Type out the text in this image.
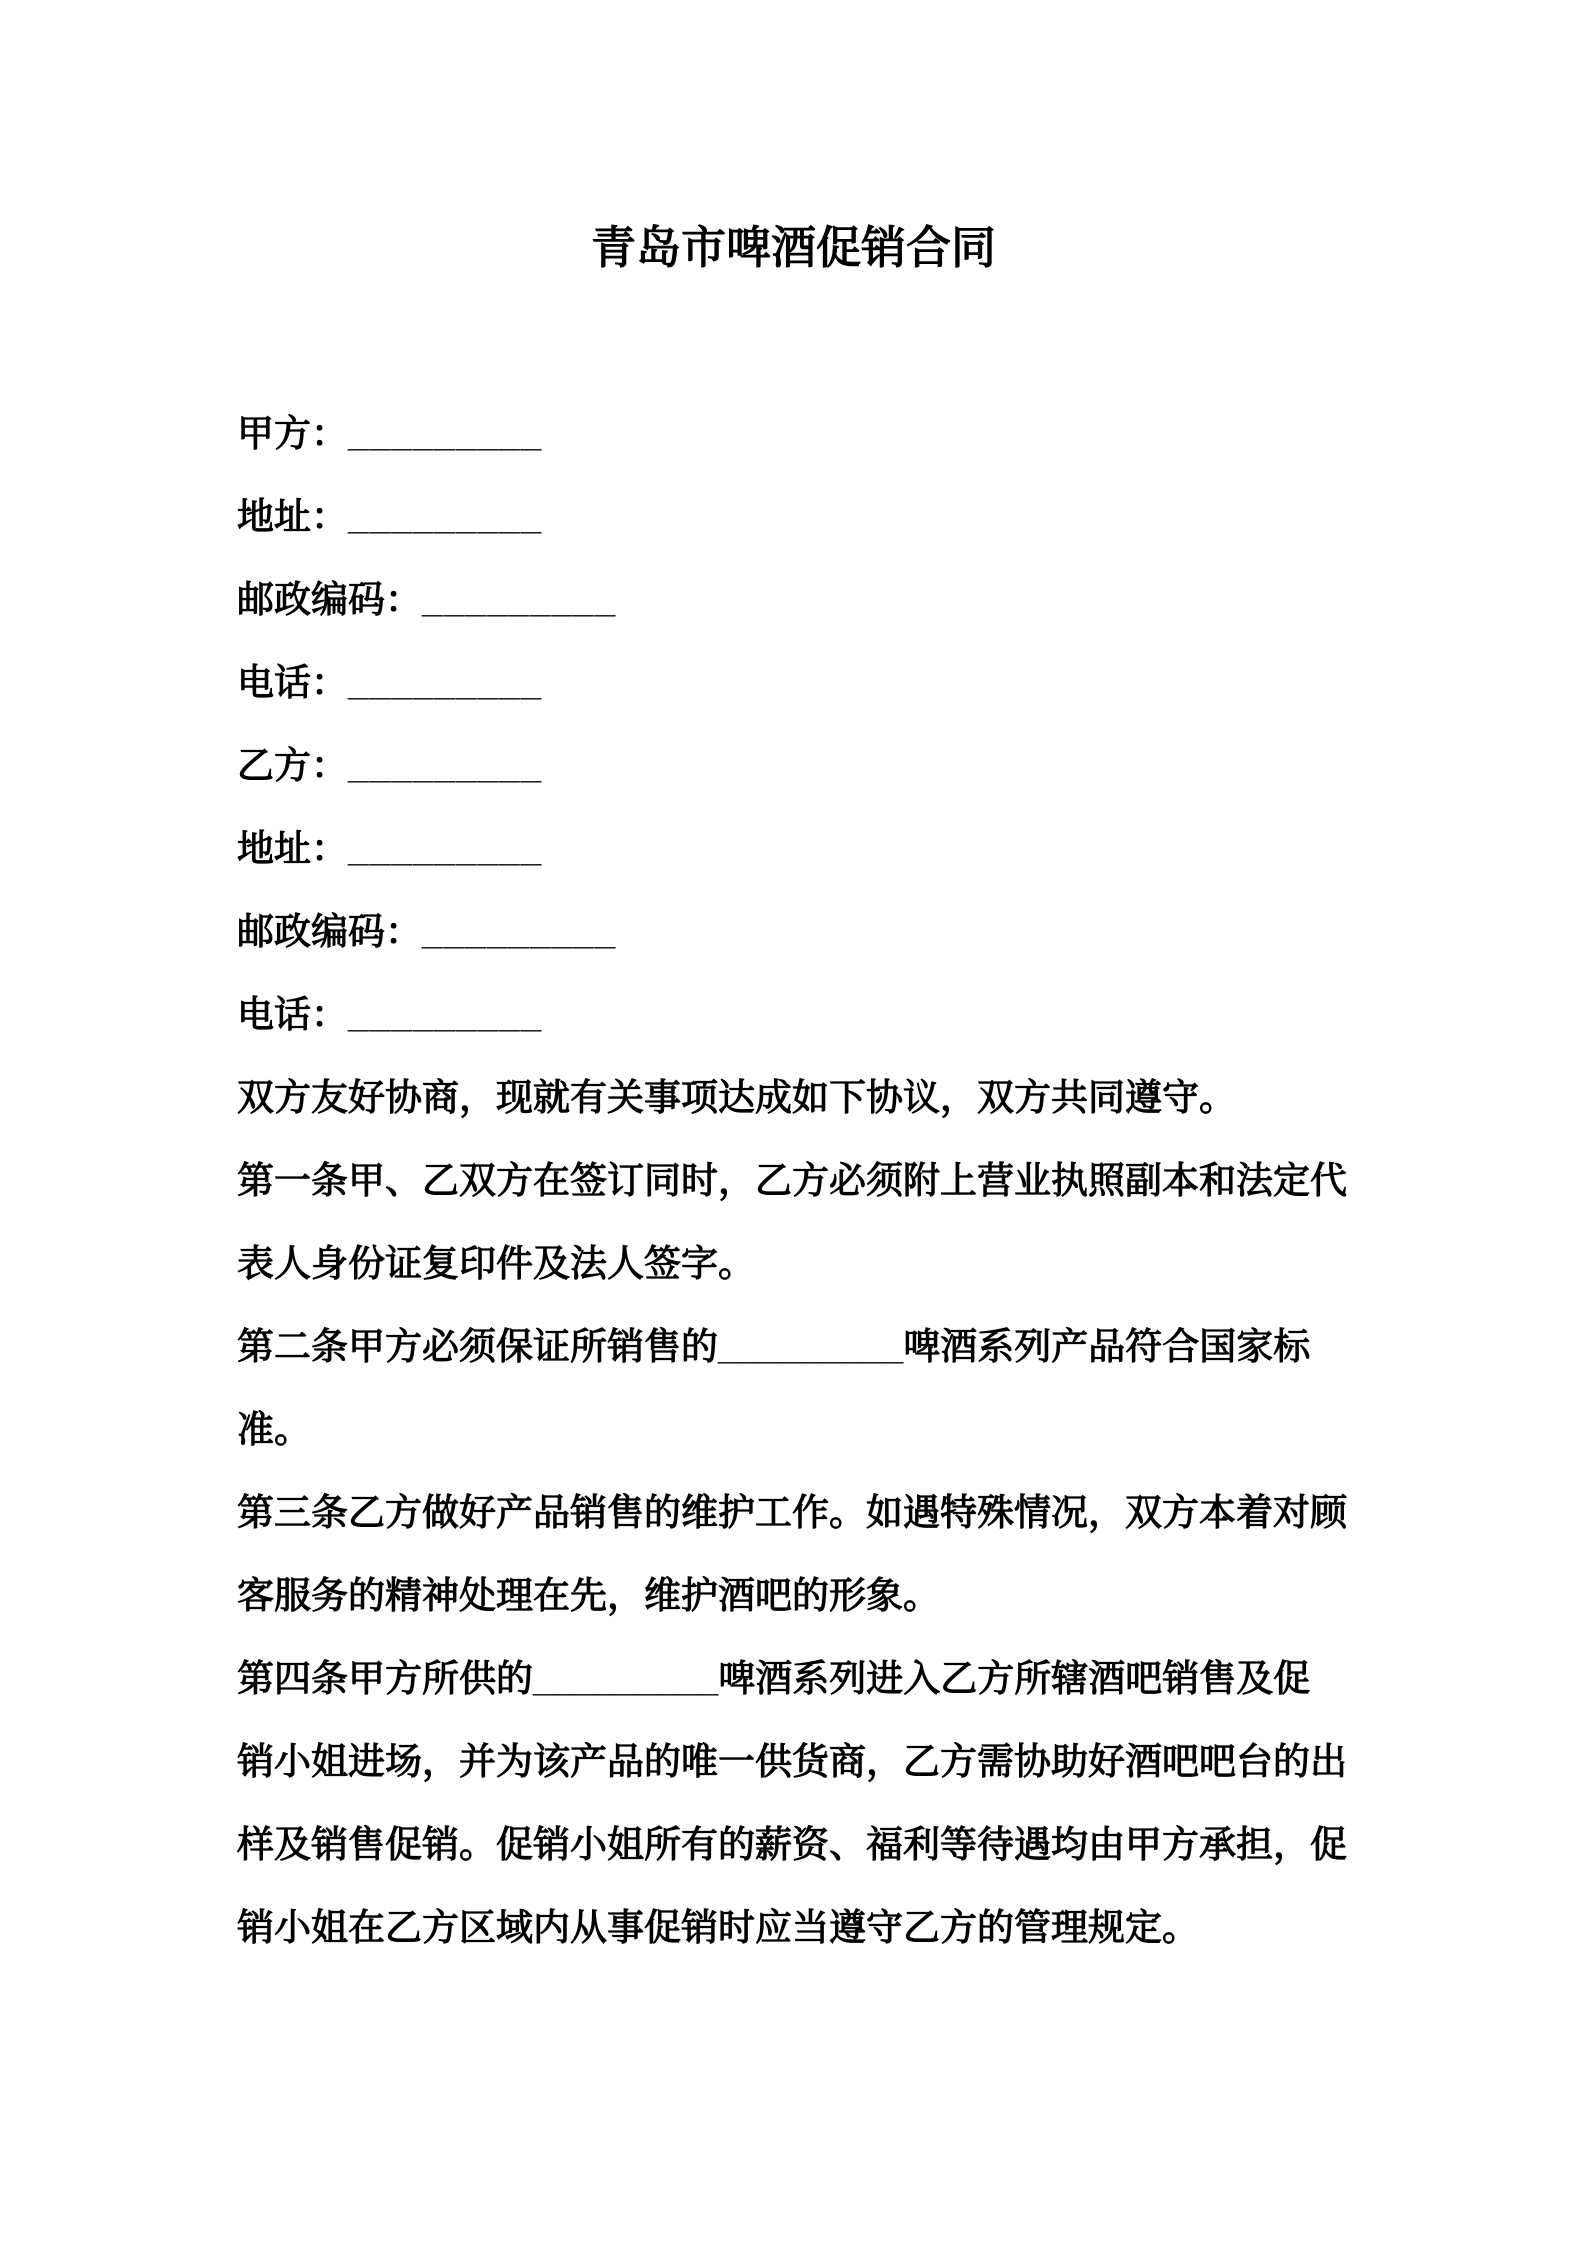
青岛市啤酒促销合同
甲方：_________
地址：_________
邮政编码：_________
电话：_________
乙方：_________
地址：_________
邮政编码：_________
电话：_________
双方友好协商，现就有关事项达成如下协议，双方共同遵守。
第一条甲、乙双方在签订同时，乙方必须附上营业执照副本和法定代
表人身份证复印件及法人签字。
第二条甲方必须保证所销售的_________啤酒系列产品符合国家标
准。
第三条乙方做好产品销售的维护工作。如遇特殊情况，双方本着对顾
客服务的精神处理在先，维护酒吧的形象。
第四条甲方所供的_________啤酒系列进入乙方所辖酒吧销售及促
销小姐进场，并为该产品的唯一供货商，乙方需协助好酒吧吧台的出
样及销售促销。促销小姐所有的薪资、福利等待遇均由甲方承担，促
销小姐在乙方区域内从事促销时应当遵守乙方的管理规定。
